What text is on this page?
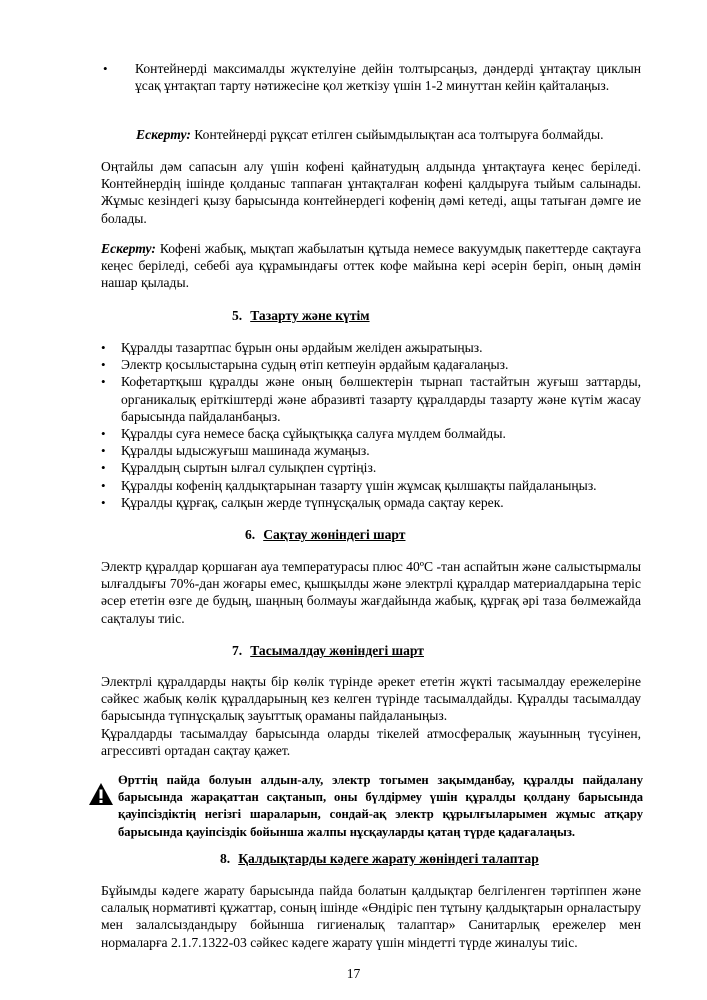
•	Контейнерді максималды жүктелуіне дейін толтырсаңыз, дәндерді ұнтақтау циклын ұсақ ұнтақтап тарту нәтижесіне қол жеткізу үшін 1-2 минуттан кейін қайталаңыз.

Ескерту: Контейнерді рұқсат етілген сыйымдылықтан аса толтыруға болмайды.

Оңтайлы дәм сапасын алу үшін кофені қайнатудың алдында ұнтақтауға кеңес беріледі. Контейнердің ішінде қолданыс таппаған ұнтақталған кофені қалдыруға тыйым салынады. Жұмыс кезіндегі қызу барысында контейнердегі кофенің дәмі кетеді, ащы татыған дәмге ие болады.

Ескерту: Кофені жабық, мықтап жабылатын құтыда немесе вакуумдық пакеттерде сақтауға кеңес беріледі, себебі ауа құрамындағы оттек кофе майына кері әсерін беріп, оның дәмін нашар қылады.

5. Тазарту және күтім
•	Құралды тазартпас бұрын оны әрдайым желіден ажыратыңыз.

•	Электр қосылыстарына судың өтіп кетпеуін әрдайым қадағалаңыз.

•	Кофетартқыш құралды және оның бөлшектерін тырнап тастайтын жуғыш заттарды, органикалық еріткіштерді және абразивті тазарту құралдарды тазарту және күтім жасау барысында пайдаланбаңыз.

•	Құралды суға немесе басқа сұйықтыққа салуға мүлдем болмайды.

•	Құралды ыдысжуғыш машинада жумаңыз.

•	Құралдың сыртын ылғал сулықпен сүртіңіз.

•	Құралды кофенің қалдықтарынан тазарту үшін жұмсақ қылшақты пайдаланыңыз.

•	Құралды құрғақ, салқын жерде түпнұсқалық ормада сақтау керек.

6. Сақтау жөніндегі шарт

Электр құралдар қоршаған ауа температурасы плюс 40ºС -тан аспайтын және салыстырмалы ылғалдығы 70%-дан жоғары емес, қышқылды және электрлі құралдар материалдарына теріс әсер ететін өзге де будың, шаңның болмауы жағдайында жабық, құрғақ әрі таза бөлмежайда сақталуы тиіс.

7. Тасымалдау жөніндегі шарт

Электрлі құралдарды нақты бір көлік түрінде әрекет ететін жүкті тасымалдау ережелеріне сәйкес жабық көлік құралдарының кез келген түрінде тасымалдайды. Құралды тасымалдау барысында түпнұсқалық зауыттық ораманы пайдаланыңыз.

Құралдарды тасымалдау барысында оларды тікелей атмосфералық жауынның түсуінен, агрессивті ортадан сақтау қажет.

Өрттің пайда болуын алдын-алу, электр тогымен зақымданбау, құралды пайдалану барысында жарақаттан сақтанып, оны бүлдірмеу үшін құралды қолдану барысында қауіпсіздіктің негізгі шараларын, сондай-ақ электр құрылғыларымен жұмыс атқару барысында қауіпсіздік бойынша жалпы нұсқауларды қатаң түрде қадағалаңыз.

8. Қалдықтарды кәдеге жарату жөніндегі талаптар

Бұйымды кәдеге жарату барысында пайда болатын қалдықтар белгіленген тәртіппен және салалық нормативті құжаттар, соның ішінде «Өндіріс пен тұтыну қалдықтарын орналастыру мен залалсыздандыру бойынша гигиеналық талаптар» Санитарлық ережелер мен нормаларға 2.1.7.1322-03 сәйкес кәдеге жарату үшін міндетті түрде жиналуы тиіс.

17
